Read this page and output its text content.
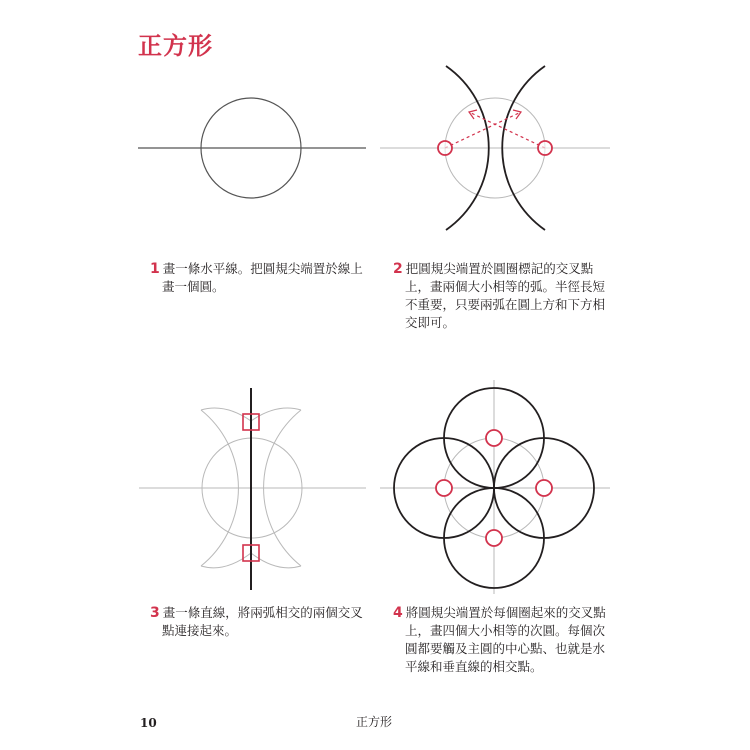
正方形
1 畫一條水平線。把圓規尖端置於線上
畫一個圓。
2 把圓規尖端置於圓圈標記的交叉點
上，畫兩個大小相等的弧。半徑長短
不重要，只要兩弧在圓上方和下方相
交即可。
3 畫一條直線，將兩弧相交的兩個交叉
點連接起來。
4 將圓規尖端置於每個圈起來的交叉點
上，畫四個大小相等的次圓。每個次
圓都要觸及主圓的中心點、也就是水
平線和垂直線的相交點。
10	正方形
